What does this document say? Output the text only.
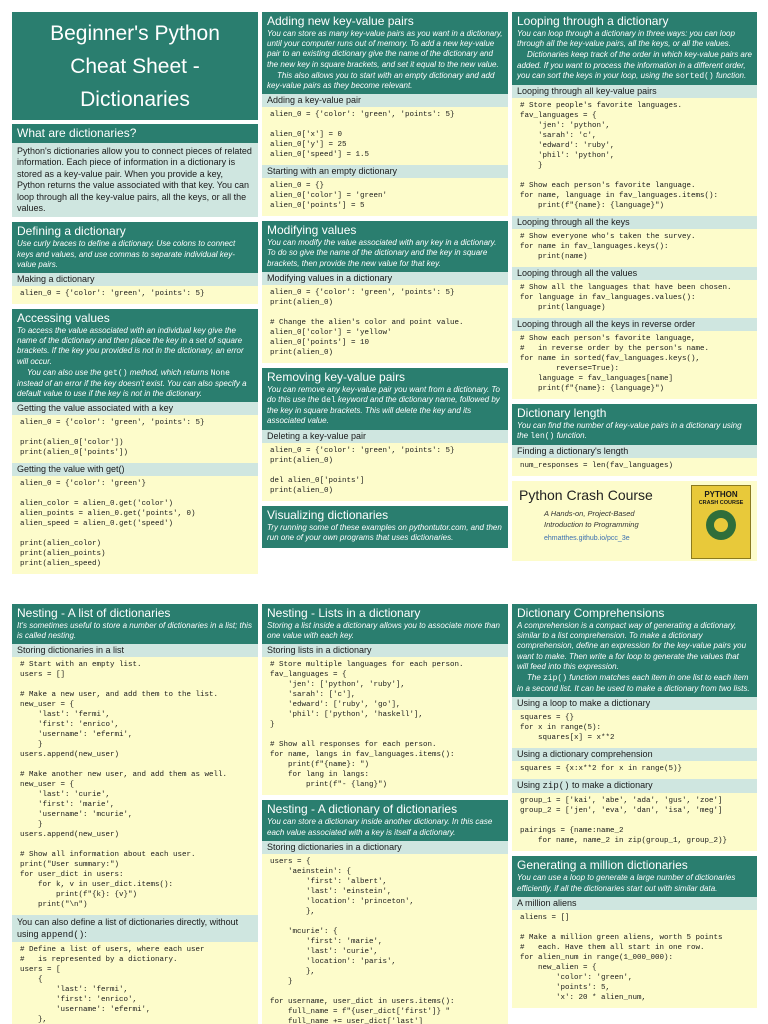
Beginner's Python
Cheat Sheet -
Dictionaries
What are dictionaries?
Python's dictionaries allow you to connect pieces of related information. Each piece of information in a dictionary is stored as a key-value pair. When you provide a key, Python returns the value associated with that key. You can loop through all the key-value pairs, all the keys, or all the values.
Defining a dictionary
Use curly braces to define a dictionary. Use colons to connect keys and values, and use commas to separate individual key-value pairs.
Making a dictionary
alien_0 = {'color': 'green', 'points': 5}
Accessing values
To access the value associated with an individual key give the name of the dictionary and then place the key in a set of square brackets. If the key you provided is not in the dictionary, an error will occur.
You can also use the get() method, which returns None instead of an error if the key doesn't exist. You can also specify a default value to use if the key is not in the dictionary.
Getting the value associated with a key
alien_0 = {'color': 'green', 'points': 5}

print(alien_0['color'])
print(alien_0['points'])
Getting the value with get()
alien_0 = {'color': 'green'}

alien_color = alien_0.get('color')
alien_points = alien_0.get('points', 0)
alien_speed = alien_0.get('speed')

print(alien_color)
print(alien_points)
print(alien_speed)
Adding new key-value pairs
You can store as many key-value pairs as you want in a dictionary, until your computer runs out of memory. To add a new key-value pair to an existing dictionary give the name of the dictionary and the new key in square brackets, and set it equal to the new value.
This also allows you to start with an empty dictionary and add key-value pairs as they become relevant.
Adding a key-value pair
alien_0 = {'color': 'green', 'points': 5}

alien_0['x'] = 0
alien_0['y'] = 25
alien_0['speed'] = 1.5
Starting with an empty dictionary
alien_0 = {}
alien_0['color'] = 'green'
alien_0['points'] = 5
Modifying values
You can modify the value associated with any key in a dictionary. To do so give the name of the dictionary and the key in square brackets, then provide the new value for that key.
Modifying values in a dictionary
alien_0 = {'color': 'green', 'points': 5}
print(alien_0)

# Change the alien's color and point value.
alien_0['color'] = 'yellow'
alien_0['points'] = 10
print(alien_0)
Removing key-value pairs
You can remove any key-value pair you want from a dictionary. To do this use the del keyword and the dictionary name, followed by the key in square brackets. This will delete the key and its associated value.
Deleting a key-value pair
alien_0 = {'color': 'green', 'points': 5}
print(alien_0)

del alien_0['points']
print(alien_0)
Visualizing dictionaries
Try running some of these examples on pythontutor.com, and then run one of your own programs that uses dictionaries.
Looping through a dictionary
You can loop through a dictionary in three ways: you can loop through all the key-value pairs, all the keys, or all the values.
Dictionaries keep track of the order in which key-value pairs are added. If you want to process the information in a different order, you can sort the keys in your loop, using the sorted() function.
Looping through all key-value pairs
# Store people's favorite languages.
fav_languages = {
'jen': 'python',
'sarah': 'c',
'edward': 'ruby',
'phil': 'python',
}

# Show each person's favorite language.
for name, language in fav_languages.items():
print(f"{name}: {language}")
Looping through all the keys
# Show everyone who's taken the survey.
for name in fav_languages.keys():
print(name)
Looping through all the values
# Show all the languages that have been chosen.
for language in fav_languages.values():
print(language)
Looping through all the keys in reverse order
# Show each person's favorite language,
#   in reverse order by the person's name.
for name in sorted(fav_languages.keys(),
reverse=True):
language = fav_languages[name]
print(f"{name}: {language}")
Dictionary length
You can find the number of key-value pairs in a dictionary using the len() function.
Finding a dictionary's length
num_responses = len(fav_languages)
Python Crash Course
A Hands-on, Project-Based
Introduction to Programming
ehmatthes.github.io/pcc_3e
PYTHON
CRASH COURSE
Nesting - A list of dictionaries
It's sometimes useful to store a number of dictionaries in a list; this is called nesting.
Storing dictionaries in a list
# Start with an empty list.
users = []

# Make a new user, and add them to the list.
new_user = {
'last': 'fermi',
'first': 'enrico',
'username': 'efermi',
}
users.append(new_user)

# Make another new user, and add them as well.
new_user = {
'last': 'curie',
'first': 'marie',
'username': 'mcurie',
}
users.append(new_user)

# Show all information about each user.
print("User summary:")
for user_dict in users:
for k, v in user_dict.items():
print(f"{k}: {v}")
print("\n")
You can also define a list of dictionaries directly, without using append():
# Define a list of users, where each user
#   is represented by a dictionary.
users = [
{
'last': 'fermi',
'first': 'enrico',
'username': 'efermi',
},
Nesting - Lists in a dictionary
Storing a list inside a dictionary allows you to associate more than one value with each key.
Storing lists in a dictionary
# Store multiple languages for each person.
fav_languages = {
'jen': ['python', 'ruby'],
'sarah': ['c'],
'edward': ['ruby', 'go'],
'phil': ['python', 'haskell'],
}

# Show all responses for each person.
for name, langs in fav_languages.items():
print(f"{name}: ")
for lang in langs:
print(f"- {lang}")
Nesting - A dictionary of dictionaries
You can store a dictionary inside another dictionary. In this case each value associated with a key is itself a dictionary.
Storing dictionaries in a dictionary
users = {
'aeinstein': {
'first': 'albert',
'last': 'einstein',
'location': 'princeton',
},

'mcurie': {
'first': 'marie',
'last': 'curie',
'location': 'paris',
},
}

for username, user_dict in users.items():
full_name = f"{user_dict['first']} "
full_name += user_dict['last']
Dictionary Comprehensions
A comprehension is a compact way of generating a dictionary, similar to a list comprehension. To make a dictionary comprehension, define an expression for the key-value pairs you want to make. Then write a for loop to generate the values that will feed into this expression.
The zip() function matches each item in one list to each item in a second list. It can be used to make a dictionary from two lists.
Using a loop to make a dictionary
squares = {}
for x in range(5):
squares[x] = x**2
Using a dictionary comprehension
squares = {x:x**2 for x in range(5)}
Using zip() to make a dictionary
group_1 = ['kai', 'abe', 'ada', 'gus', 'zoe']
group_2 = ['jen', 'eva', 'dan', 'isa', 'meg']

pairings = {name:name_2
for name, name_2 in zip(group_1, group_2)}
Generating a million dictionaries
You can use a loop to generate a large number of dictionaries efficiently, if all the dictionaries start out with similar data.
A million aliens
aliens = []

# Make a million green aliens, worth 5 points
#   each. Have them all start in one row.
for alien_num in range(1_000_000):
new_alien = {
'color': 'green',
'points': 5,
'x': 20 * alien_num,
